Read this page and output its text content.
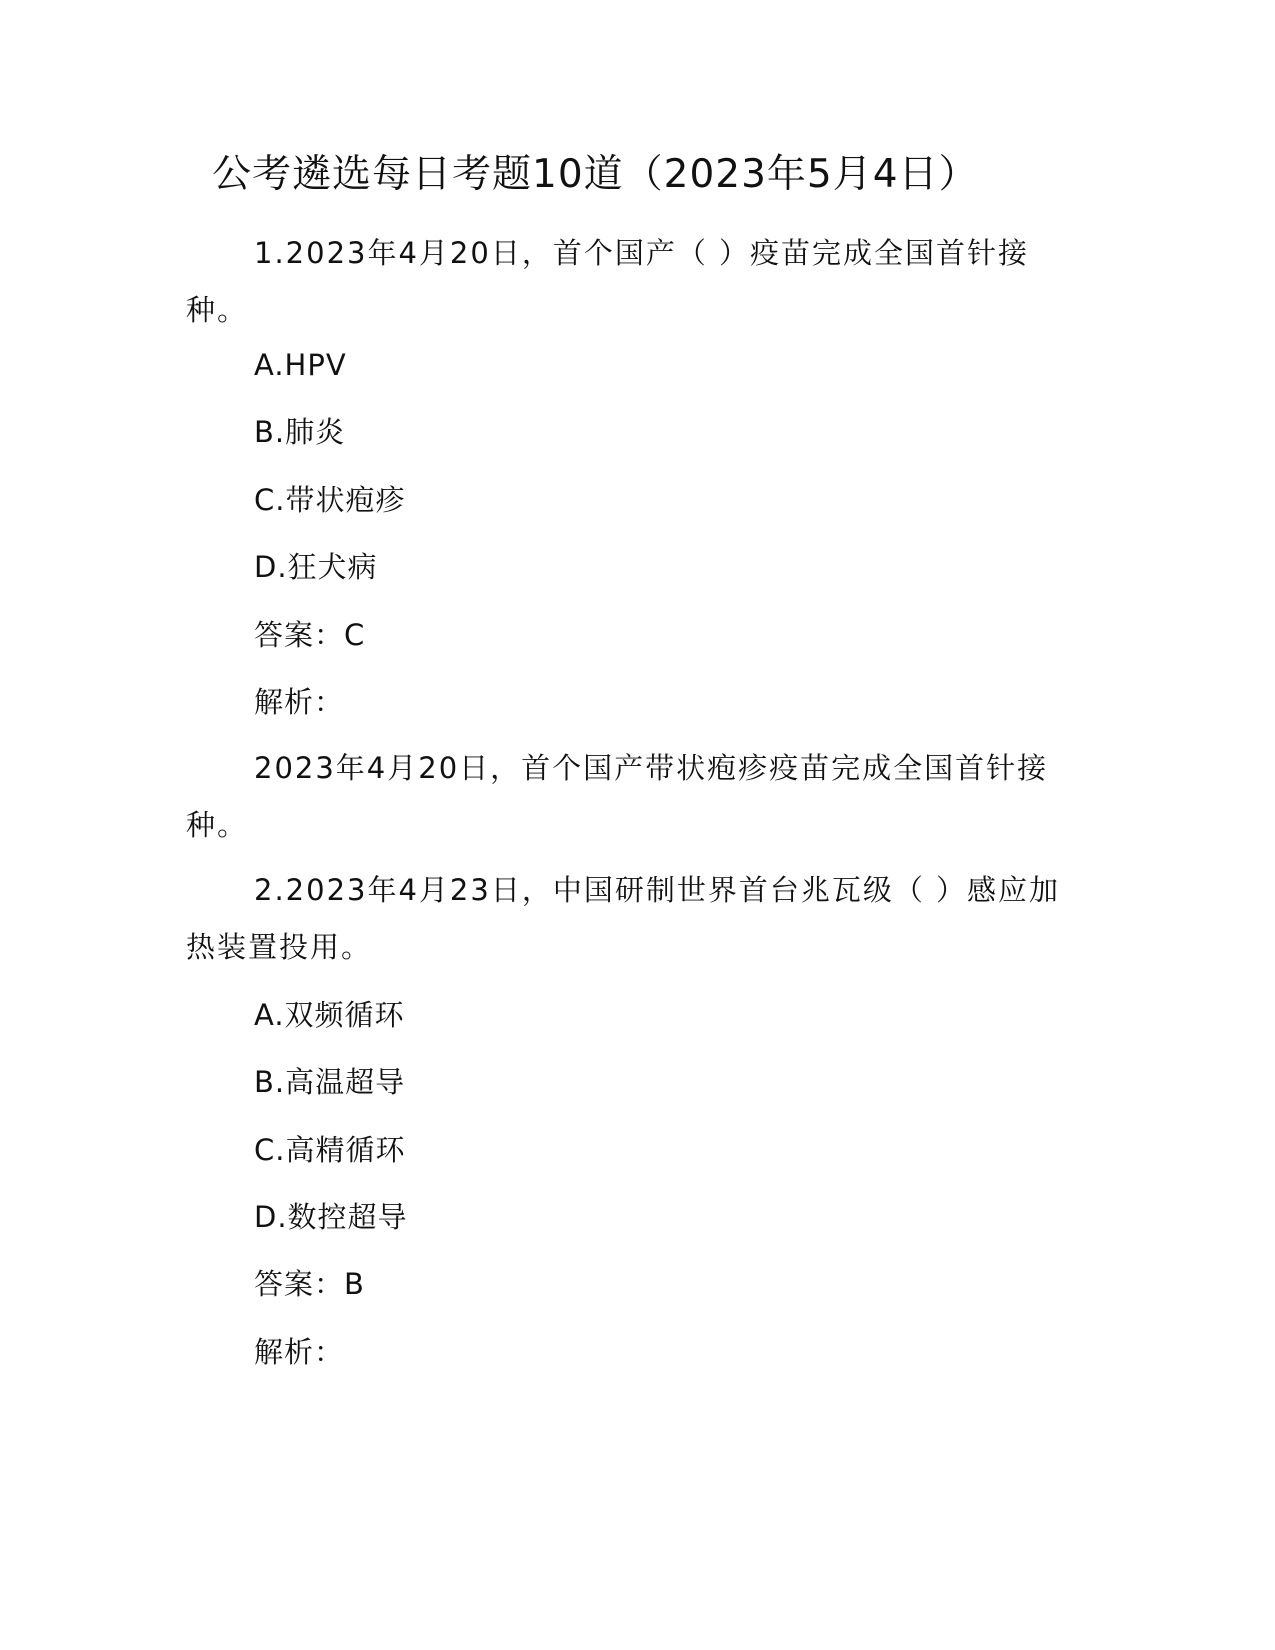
公考遴选每日考题10道（2023年5月4日）
1.2023年4月20日，首个国产（ ）疫苗完成全国首针接种。
A.HPV
B.肺炎
C.带状疱疹
D.狂犬病
答案：C
解析：
2023年4月20日，首个国产带状疱疹疫苗完成全国首针接种。
2.2023年4月23日，中国研制世界首台兆瓦级（ ）感应加热装置投用。
A.双频循环
B.高温超导
C.高精循环
D.数控超导
答案：B
解析：
